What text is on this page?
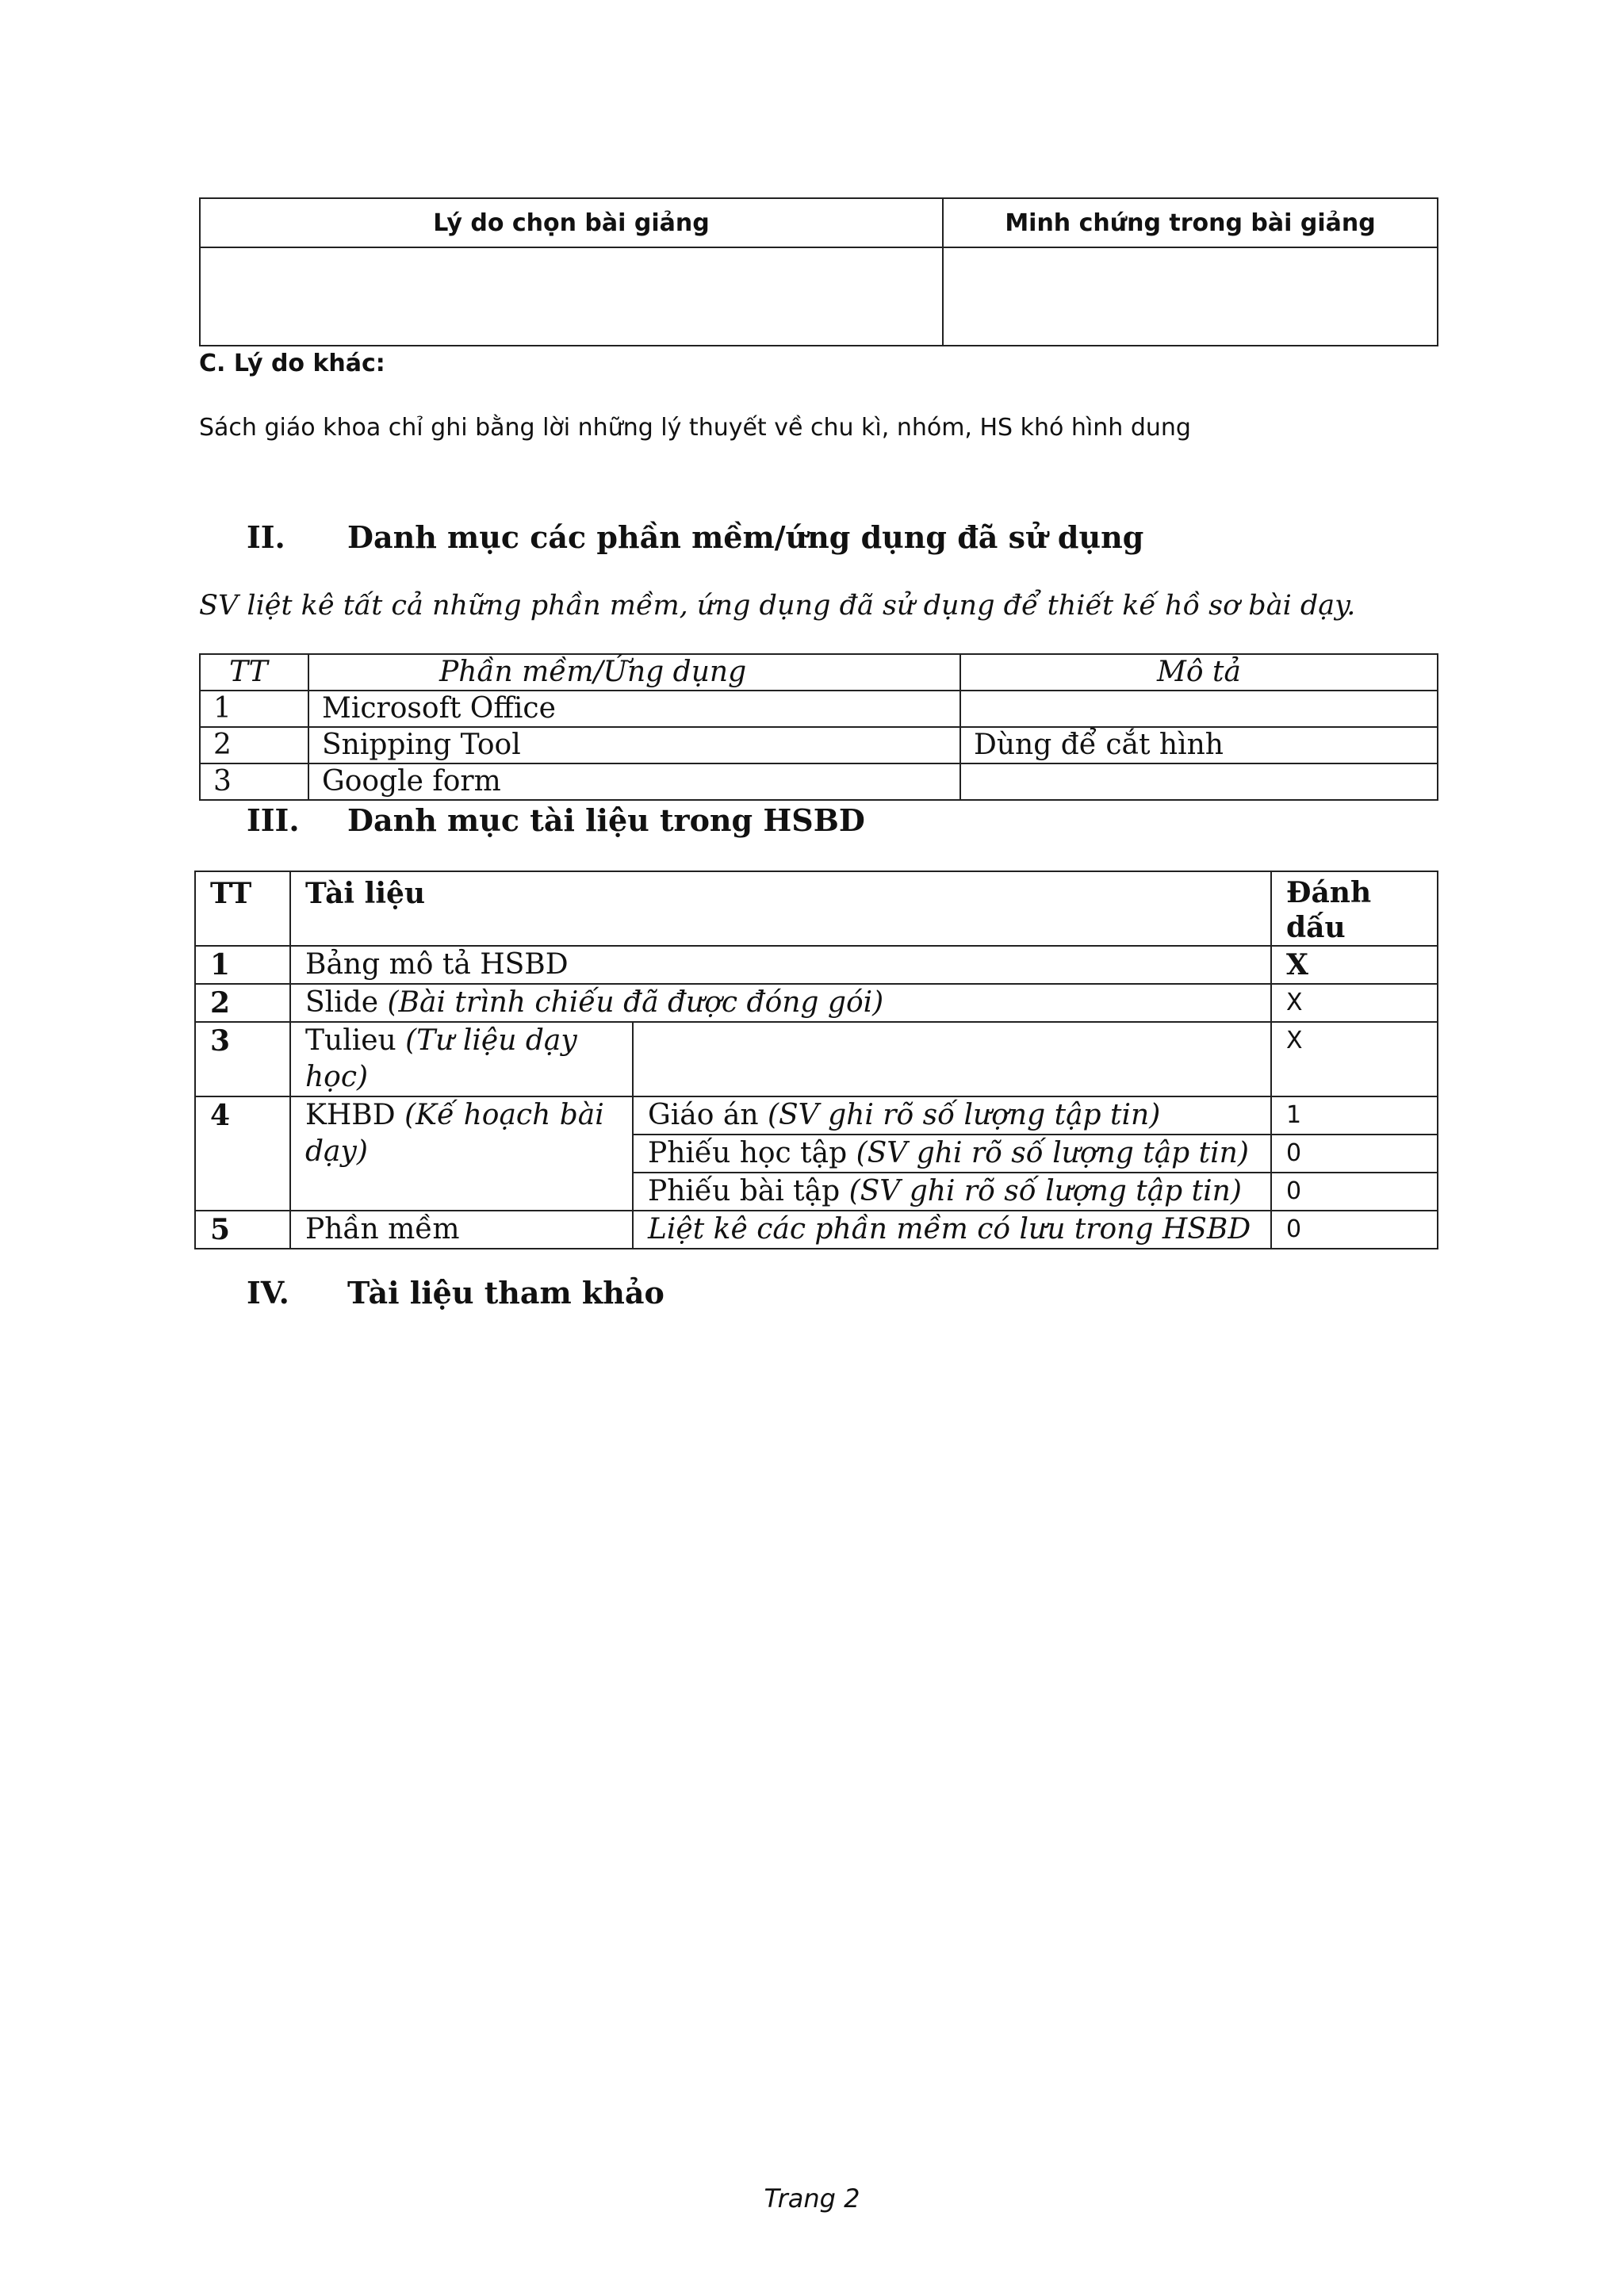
Lý do chọn bài giảng	Minh chứng trong bài giảng

C. Lý do khác:
Sách giáo khoa chỉ ghi bằng lời những lý thuyết về chu kì, nhóm, HS khó hình dung
II. Danh mục các phần mềm/ứng dụng đã sử dụng
SV liệt kê tất cả những phần mềm, ứng dụng đã sử dụng để thiết kế hồ sơ bài dạy.
TT	Phần mềm/Ứng dụng	Mô tả
1	Microsoft Office	
2	Snipping Tool	Dùng để cắt hình
3	Google form	
III. Danh mục tài liệu trong HSBD
TT	Tài liệu		Đánh dấu
1	Bảng mô tả HSBD		X
2	Slide (Bài trình chiếu đã được đóng gói)		X
3	Tulieu (Tư liệu dạy học)		X
4	KHBD (Kế hoạch bài dạy)	Giáo án (SV ghi rõ số lượng tập tin)	1
		Phiếu học tập (SV ghi rõ số lượng tập tin)	0
		Phiếu bài tập (SV ghi rõ số lượng tập tin)	0
5	Phần mềm	Liệt kê các phần mềm có lưu trong HSBD	0
IV. Tài liệu tham khảo
Trang 2
